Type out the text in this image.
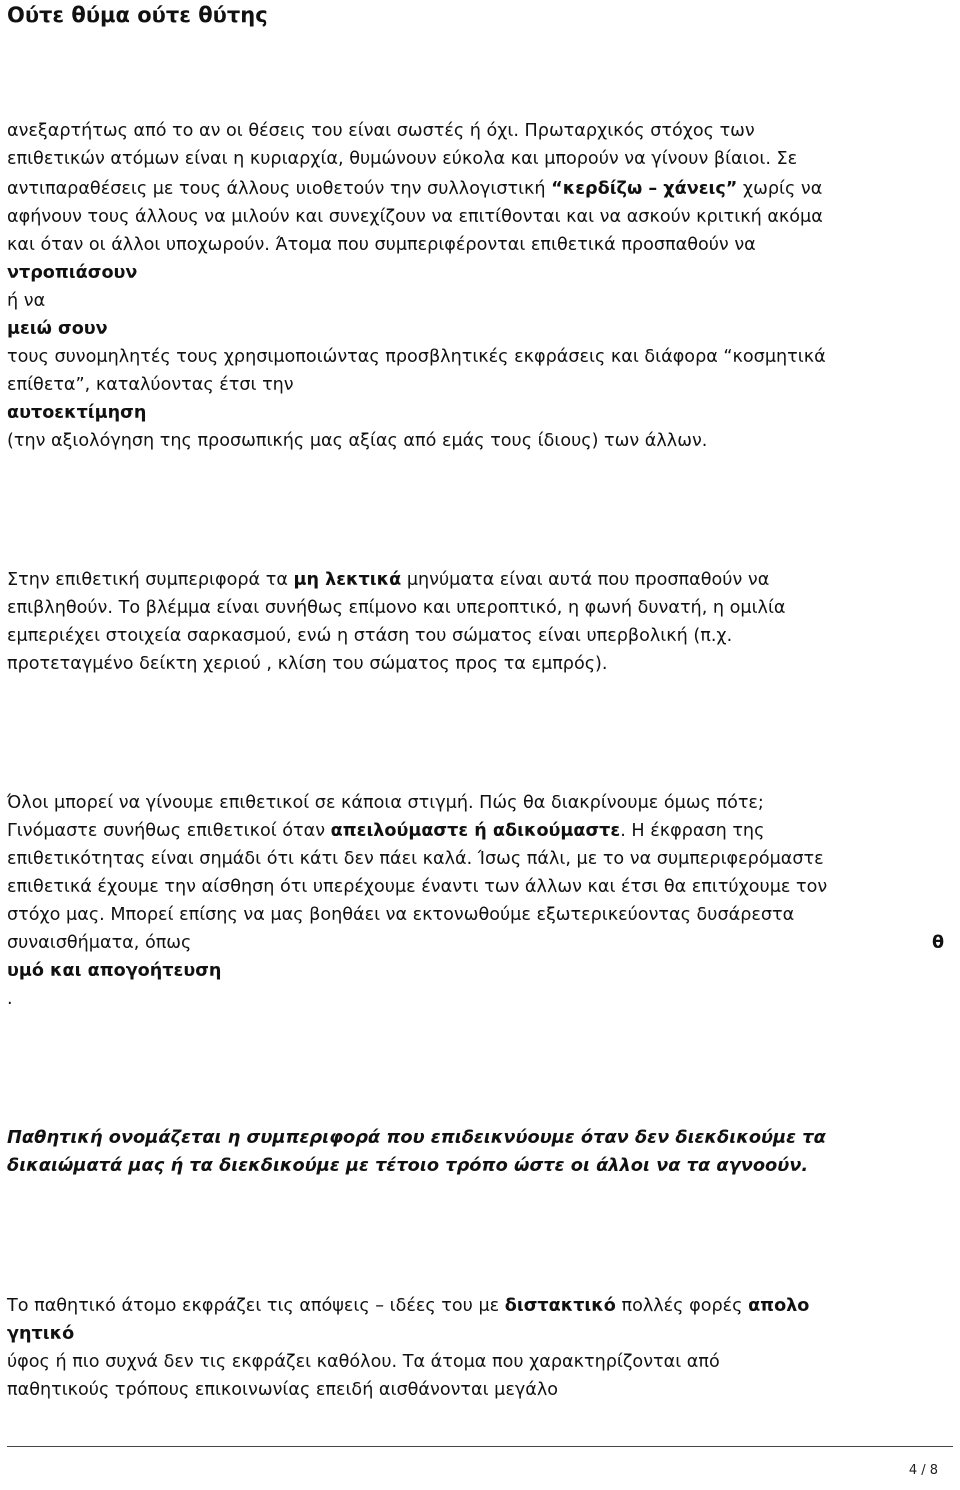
Ούτε θύμα ούτε θύτης
ανεξαρτήτως από το αν οι θέσεις του είναι σωστές ή όχι. Πρωταρχικός στόχος των
επιθετικών ατόμων είναι η κυριαρχία, θυμώνουν εύκολα και μπορούν να γίνουν βίαιοι. Σε
αντιπαραθέσεις με τους άλλους υιοθετούν την συλλογιστική “κερδίζω – χάνεις” χωρίς να
αφήνουν τους άλλους να μιλούν και συνεχίζουν να επιτίθονται και να ασκούν κριτική ακόμα
και όταν οι άλλοι υποχωρούν. Άτομα που συμπεριφέρονται επιθετικά προσπαθούν να
ντροπιάσουν
ή να
μειώ σουν
τους συνομηλητές τους χρησιμοποιώντας προσβλητικές εκφράσεις και διάφορα “κοσμητικά
επίθετα”, καταλύοντας έτσι την
αυτοεκτίμηση
(την αξιολόγηση της προσωπικής μας αξίας από εμάς τους ίδιους) των άλλων.
Στην επιθετική συμπεριφορά τα μη λεκτικά μηνύματα είναι αυτά που προσπαθούν να
επιβληθούν. Το βλέμμα είναι συνήθως επίμονο και υπεροπτικό, η φωνή δυνατή, η ομιλία
εμπεριέχει στοιχεία σαρκασμού, ενώ η στάση του σώματος είναι υπερβολική (π.χ.
προτεταγμένο δείκτη χεριού , κλίση του σώματος προς τα εμπρός).
Όλοι μπορεί να γίνουμε επιθετικοί σε κάποια στιγμή. Πώς θα διακρίνουμε όμως πότε;
Γινόμαστε συνήθως επιθετικοί όταν απειλούμαστε ή αδικούμαστε. Η έκφραση της
επιθετικότητας είναι σημάδι ότι κάτι δεν πάει καλά. Ίσως πάλι, με το να συμπεριφερόμαστε
επιθετικά έχουμε την αίσθηση ότι υπερέχουμε έναντι των άλλων και έτσι θα επιτύχουμε τον
στόχο μας. Μπορεί επίσης να μας βοηθάει να εκτονωθούμε εξωτερικεύοντας δυσάρεστα
συναισθήματα, όπως	θ
υμό και απογοήτευση
.
Παθητική ονομάζεται η συμπεριφορά που επιδεικνύουμε όταν δεν διεκδικούμε τα
δικαιώματά μας ή τα διεκδικούμε με τέτοιο τρόπο ώστε οι άλλοι να τα αγνοούν.
Το παθητικό άτομο εκφράζει τις απόψεις – ιδέες του με διστακτικό πολλές φορές απολο
γητικό
ύφος ή πιο συχνά δεν τις εκφράζει καθόλου. Τα άτομα που χαρακτηρίζονται από
παθητικούς τρόπους επικοινωνίας επειδή αισθάνονται μεγάλο
4 / 8
